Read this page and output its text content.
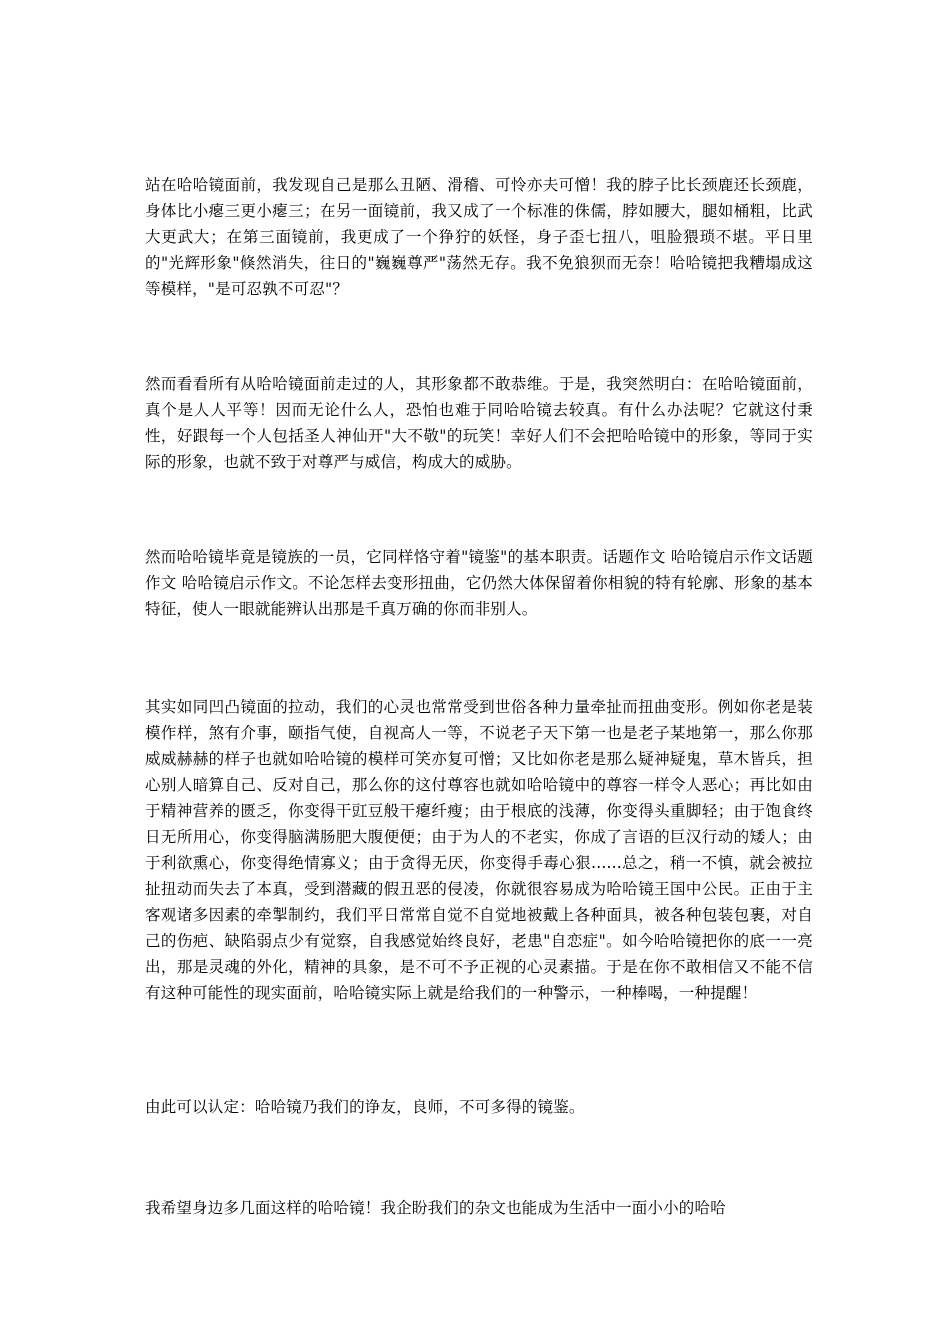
站在哈哈镜面前，我发现自己是那么丑陋、滑稽、可怜亦夫可憎！我的脖子比长颈鹿还长颈鹿，身体比小瘪三更小瘪三；在另一面镜前，我又成了一个标准的侏儒，脖如腰大，腿如桶粗，比武大更武大；在第三面镜前，我更成了一个狰狞的妖怪，身子歪七扭八，咀脸猥琐不堪。平日里的"光辉形象"倏然消失，往日的"巍巍尊严"荡然无存。我不免狼狈而无奈！哈哈镜把我糟塌成这等模样，"是可忍孰不可忍"？

然而看看所有从哈哈镜面前走过的人，其形象都不敢恭维。于是，我突然明白：在哈哈镜面前，真个是人人平等！因而无论什么人，恐怕也难于同哈哈镜去较真。有什么办法呢？它就这付秉性，好跟每一个人包括圣人神仙开"大不敬"的玩笑！幸好人们不会把哈哈镜中的形象，等同于实际的形象，也就不致于对尊严与威信，构成大的威胁。

然而哈哈镜毕竟是镜族的一员，它同样恪守着"镜鉴"的基本职责。话题作文 哈哈镜启示作文话题作文 哈哈镜启示作文。不论怎样去变形扭曲，它仍然大体保留着你相貌的特有轮廓、形象的基本特征，使人一眼就能辨认出那是千真万确的你而非别人。

其实如同凹凸镜面的拉动，我们的心灵也常常受到世俗各种力量牵扯而扭曲变形。例如你老是装模作样，煞有介事，颐指气使，自视高人一等，不说老子天下第一也是老子某地第一，那么你那威威赫赫的样子也就如哈哈镜的模样可笑亦复可憎；又比如你老是那么疑神疑鬼，草木皆兵，担心别人暗算自己、反对自己，那么你的这付尊容也就如哈哈镜中的尊容一样令人恶心；再比如由于精神营养的匮乏，你变得干豇豆般干瘪纤瘦；由于根底的浅薄，你变得头重脚轻；由于饱食终日无所用心，你变得脑满肠肥大腹便便；由于为人的不老实，你成了言语的巨汉行动的矮人；由于利欲熏心，你变得绝情寡义；由于贪得无厌，你变得手毒心狠......总之，稍一不慎，就会被拉扯扭动而失去了本真，受到潜藏的假丑恶的侵凌，你就很容易成为哈哈镜王国中公民。正由于主客观诸多因素的牵掣制约，我们平日常常自觉不自觉地被戴上各种面具，被各种包装包裹，对自己的伤疤、缺陷弱点少有觉察，自我感觉始终良好，老患"自恋症"。如今哈哈镜把你的底一一亮出，那是灵魂的外化，精神的具象，是不可不予正视的心灵素描。于是在你不敢相信又不能不信有这种可能性的现实面前，哈哈镜实际上就是给我们的一种警示，一种棒喝，一种提醒！

由此可以认定：哈哈镜乃我们的诤友，良师，不可多得的镜鉴。

我希望身边多几面这样的哈哈镜！我企盼我们的杂文也能成为生活中一面小小的哈哈
